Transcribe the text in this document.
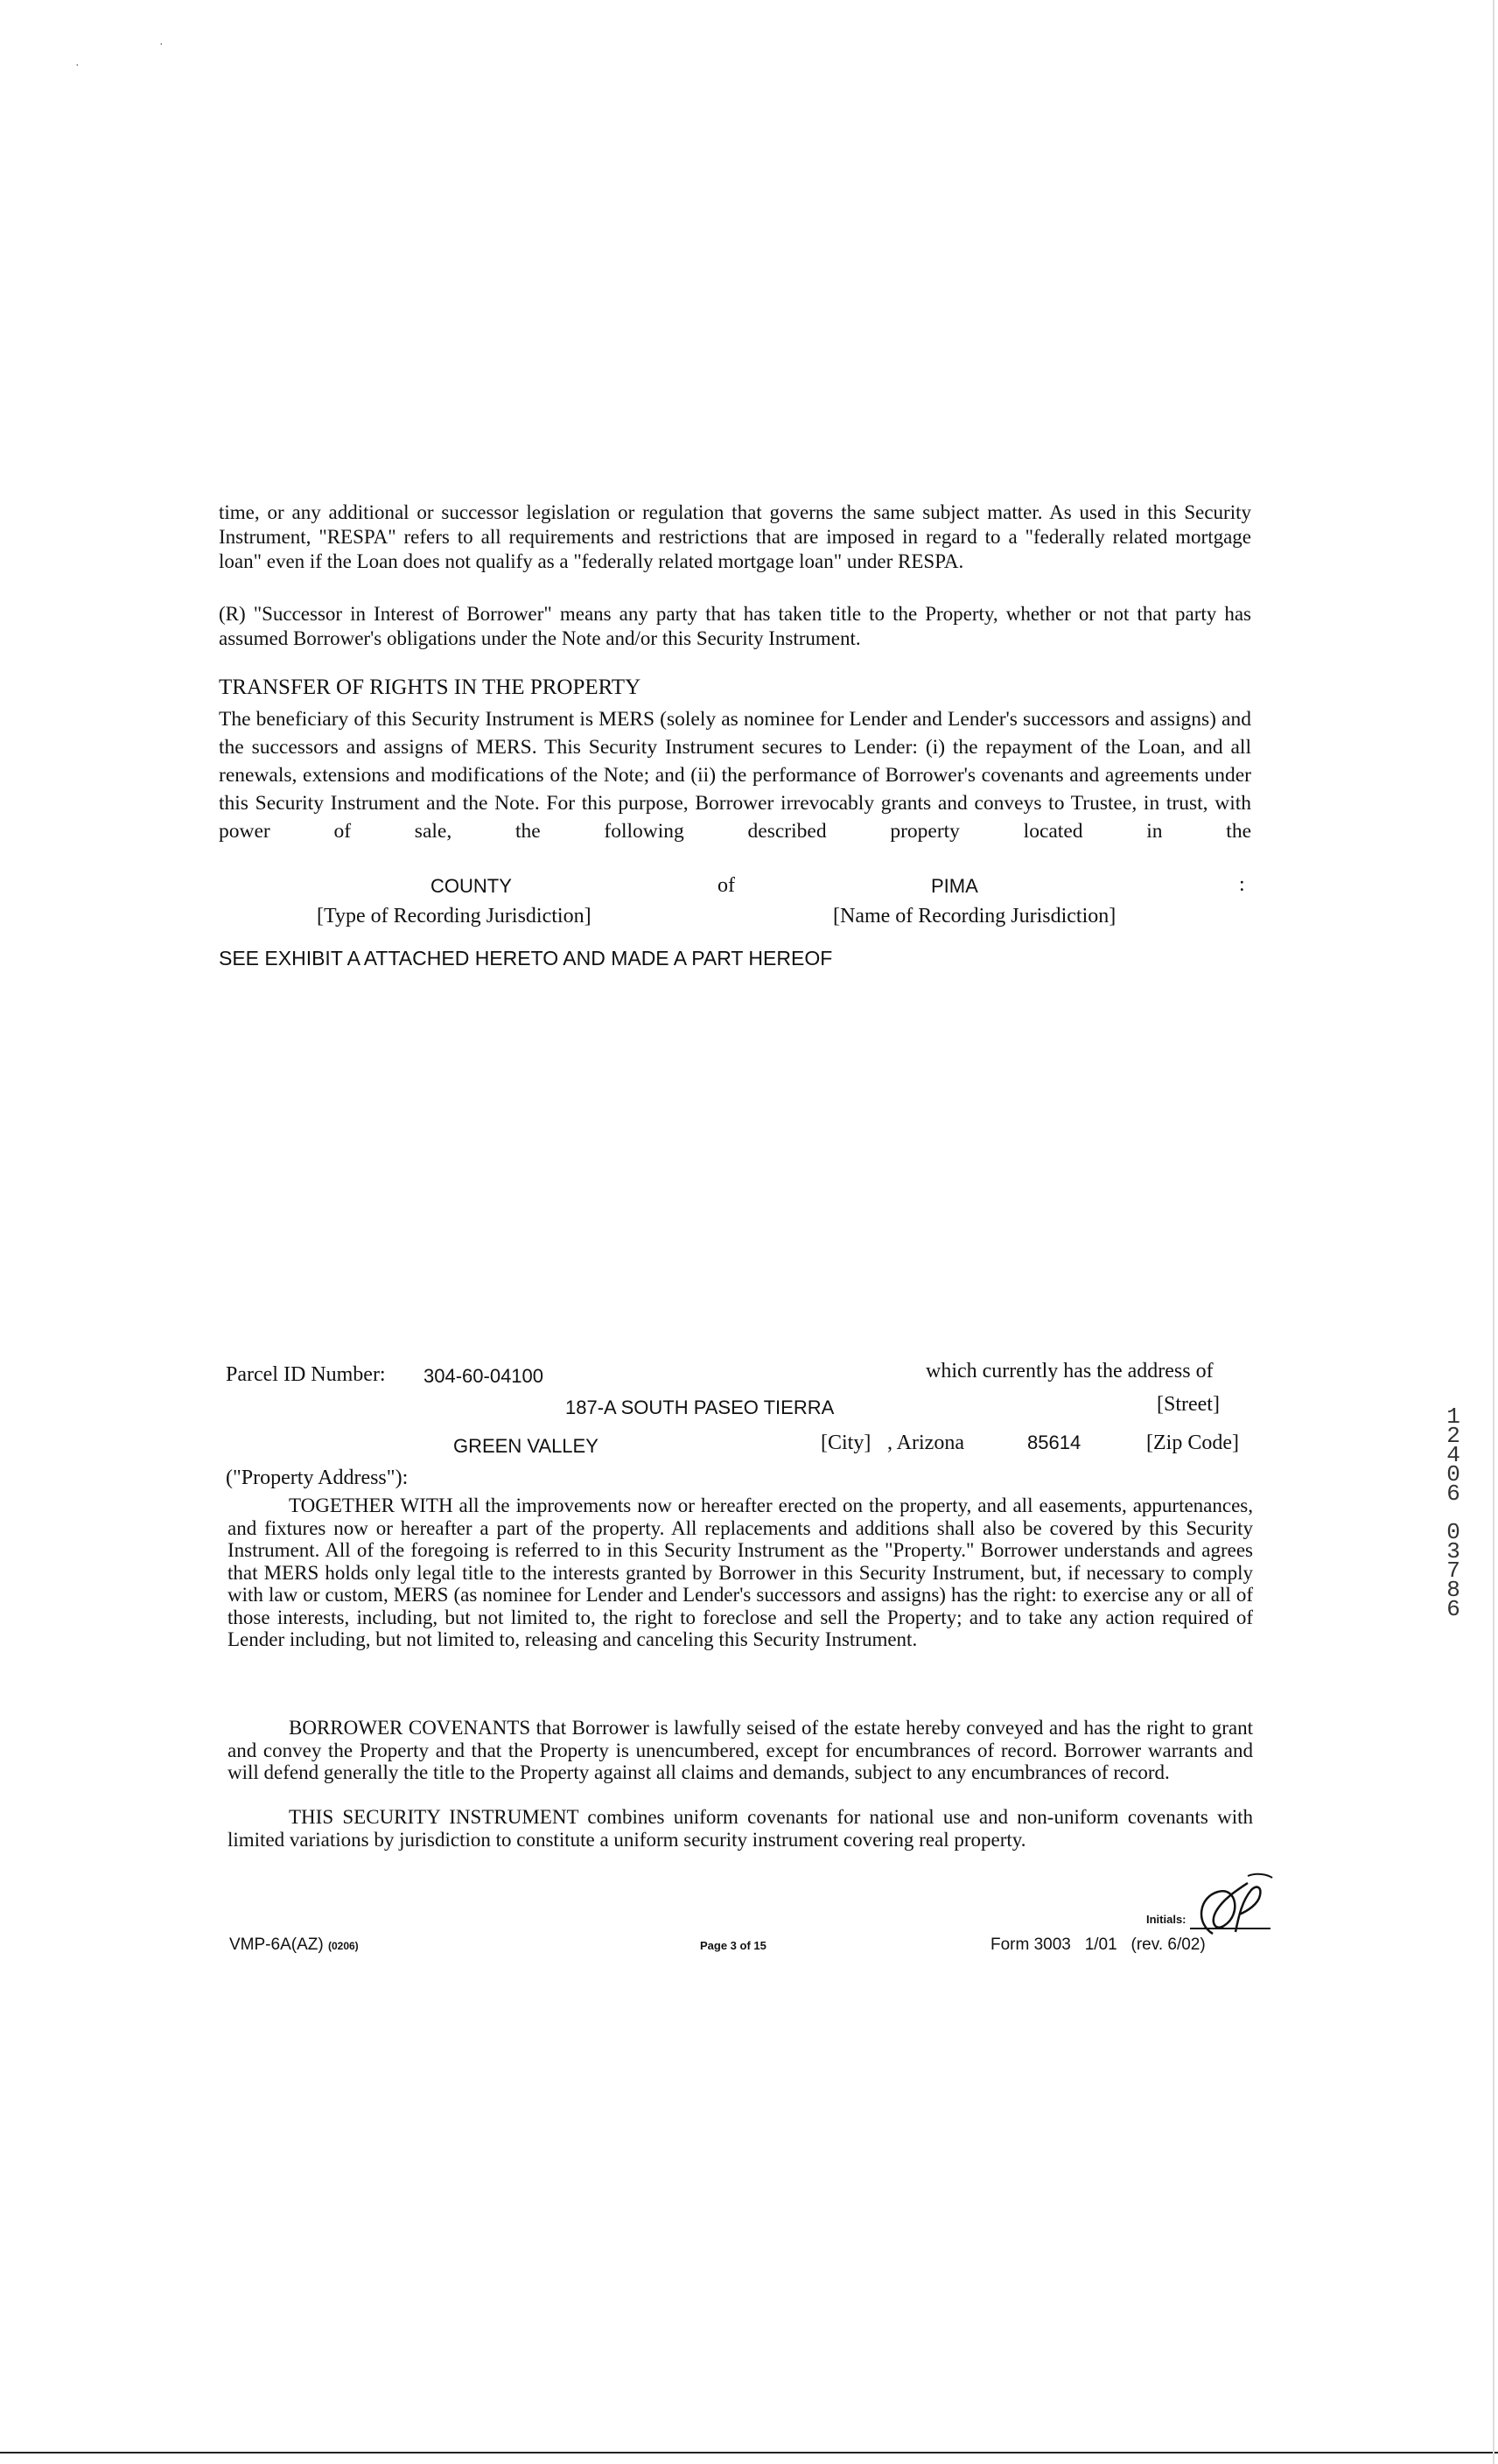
·
·

time, or any additional or successor legislation or regulation that governs the same subject matter. As used in this Security Instrument, "RESPA" refers to all requirements and restrictions that are imposed in regard to a "federally related mortgage loan" even if the Loan does not qualify as a "federally related mortgage loan" under RESPA.

(R) "Successor in Interest of Borrower" means any party that has taken title to the Property, whether or not that party has assumed Borrower's obligations under the Note and/or this Security Instrument.

TRANSFER OF RIGHTS IN THE PROPERTY

The beneficiary of this Security Instrument is MERS (solely as nominee for Lender and Lender's successors and assigns) and the successors and assigns of MERS. This Security Instrument secures to Lender: (i) the repayment of the Loan, and all renewals, extensions and modifications of the Note; and (ii) the performance of Borrower's covenants and agreements under this Security Instrument and the Note. For this purpose, Borrower irrevocably grants and conveys to Trustee, in trust, with power of sale, the following described property located in the

COUNTY	of	PIMA	:
[Type of Recording Jurisdiction]	[Name of Recording Jurisdiction]
SEE EXHIBIT A ATTACHED HERETO AND MADE A PART HEREOF
Parcel ID Number: 304-60-04100	which currently has the address of
187-A SOUTH PASEO TIERRA	[Street]
GREEN VALLEY	[City] , Arizona	85614	[Zip Code]
("Property Address"):

TOGETHER WITH all the improvements now or hereafter erected on the property, and all easements, appurtenances, and fixtures now or hereafter a part of the property. All replacements and additions shall also be covered by this Security Instrument. All of the foregoing is referred to in this Security Instrument as the "Property." Borrower understands and agrees that MERS holds only legal title to the interests granted by Borrower in this Security Instrument, but, if necessary to comply with law or custom, MERS (as nominee for Lender and Lender's successors and assigns) has the right: to exercise any or all of those interests, including, but not limited to, the right to foreclose and sell the Property; and to take any action required of Lender including, but not limited to, releasing and canceling this Security Instrument.

BORROWER COVENANTS that Borrower is lawfully seised of the estate hereby conveyed and has the right to grant and convey the Property and that the Property is unencumbered, except for encumbrances of record. Borrower warrants and will defend generally the title to the Property against all claims and demands, subject to any encumbrances of record.

THIS SECURITY INSTRUMENT combines uniform covenants for national use and non-uniform covenants with limited variations by jurisdiction to constitute a uniform security instrument covering real property.

1
2
4
0
6
0
3
7
8
6
Initials:
VMP-6A(AZ) (0206)	Page 3 of 15	Form 3003   1/01   (rev. 6/02)
